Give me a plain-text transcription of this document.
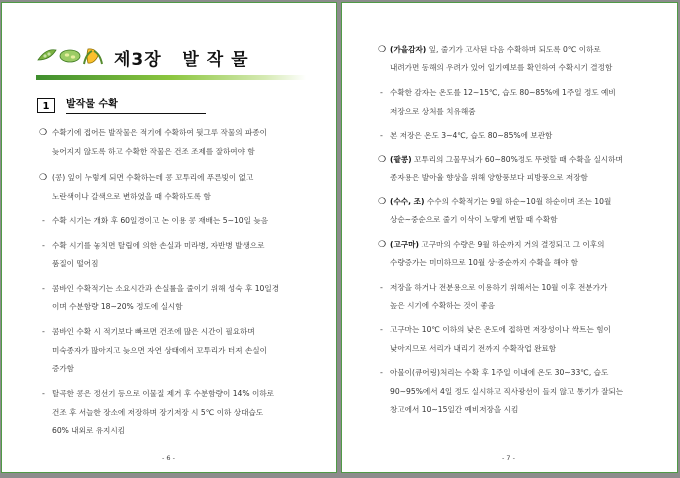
제3장   발 작 물
1	발작물 수확
❍ 수확기에 접어든 발작물은 적기에 수확하여 뒷그루 작물의 파종이
늦어지지 않도록 하고 수확한 작물은 건조 조제를 잘하여야 함
❍ (콩) 잎이 누렇게 되면 수확하는데 콩 꼬투리에 푸른빛이 없고
노란색이나 갈색으로 변하였을 때 수확하도록 함
- 수확 시기는 개화 후 60일경이고 논 이용 콩 재배는 5~10일 늦음
- 수확 시기를 놓치면 탈립에 의한 손실과 미라병, 자반병 발생으로
품질이 떨어짐
- 콤바인 수확적기는 소요시간과 손실률을 줄이기 위해 성숙 후 10일경
이며 수분함량 18~20% 정도에 실시함
- 콤바인 수확 시 적기보다 빠르면 건조에 많은 시간이 필요하며
미숙종자가 많아지고 늦으면 자연 상태에서 꼬투리가 터져 손실이
증가함
- 탈곡한 콩은 정선기 등으로 이물질 제거 후 수분함량이 14% 이하로
건조 후 서늘한 장소에 저장하며 장기저장 시 5℃ 이하 상대습도
60% 내외로 유지시킴
- 6 -
❍ (가을감자) 잎, 줄기가 고사된 다음 수확하며 되도록 0℃ 이하로
내려가면 동해의 우려가 있어 일기예보를 확인하여 수확시기 결정함
- 수확한 감자는 온도를 12~15℃, 습도 80~85%에 1주일 정도 예비
저장으로 상처를 치유해줌
- 본 저장은 온도 3~4℃, 습도 80~85%에 보관함
❍ (팥콩) 꼬투리의 그물무늬가 60~80%정도 뚜렷할 때 수확을 실시하며
종자용은 발아율 향상을 위해 양항풍보다 피방풍으로 저장함
❍ (수수, 조) 수수의 수확적기는 9월 하순~10월 하순이며 조는 10월
상순~중순으로 줄기 이삭이 노랗게 변할 때 수확함
❍ (고구마) 고구마의 수량은 9월 하순까지 거의 결정되고 그 이후의
수량증가는 미미하므로 10월 상·중순까지 수확을 해야 함
- 저장을 하거나 전분용으로 이용하기 위해서는 10월 이후 전분가가
높은 시기에 수확하는 것이 좋음
- 고구마는 10℃ 이하의 낮은 온도에 접하면 저장성이나 싹트는 힘이
낮아지므로 서리가 내리기 전까지 수확작업 완료함
- 아물이(큐어링)처리는 수확 후 1주일 이내에 온도 30~33℃, 습도
90~95%에서 4일 정도 실시하고 직사광선이 들지 않고 통기가 잘되는
창고에서 10~15일간 예비저장을 시킴
- 7 -
